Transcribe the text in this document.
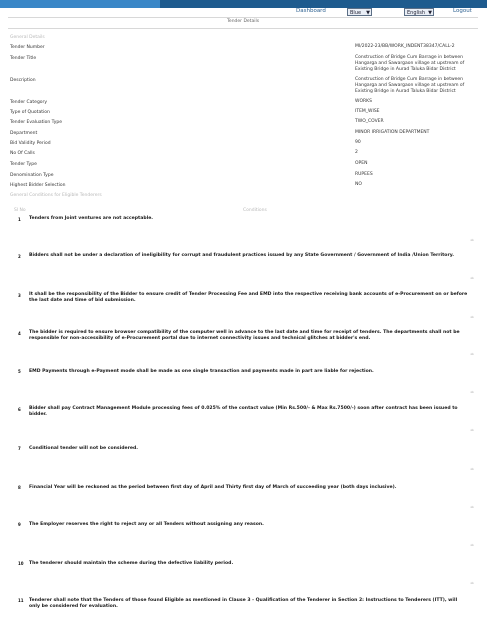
Dashboard	Blue ▼	English ▼	Logout
Tender Details
General Details
Tender Number	MI/2022-23/BB/WORK_INDENT38347/CALL-2
Tender Title	Construction of Bridge Cum Barrage in between Hangarga and Sawargaon village at upstream of Existing Bridge in Aurad Taluka Bidar District
Description	Construction of Bridge Cum Barrage in between Hangarga and Sawargaon village at upstream of Existing Bridge in Aurad Taluka Bidar District
Tender Category	WORKS
Type of Quotation	ITEM_WISE
Tender Evaluation Type	TWO_COVER
Department	MINOR IRRIGATION DEPARTMENT
Bid Validity Period	90
No Of Calls	2
Tender Type	OPEN
Denomination Type	RUPEES
Highest Bidder Selection	NO
General Conditions for Eligible Tenderers
Sl No	Conditions
1 Tenders from Joint ventures are not acceptable.
≐
2 Bidders shall not be under a declaration of ineligibility for corrupt and fraudulent practices issued by any State Government / Government of India /Union Territory.
≐
3 It shall be the responsibility of the Bidder to ensure credit of Tender Processing Fee and EMD into the respective receiving bank accounts of e-Procurement on or before the last date and time of bid submission.
≐
4 The bidder is required to ensure browser compatibility of the computer well in advance to the last date and time for receipt of tenders. The departments shall not be responsible for non-accessibility of e-Procurement portal due to internet connectivity issues and technical glitches at bidder's end.
≐
5 EMD Payments through e-Payment mode shall be made as one single transaction and payments made in part are liable for rejection.
≐
6 Bidder shall pay Contract Management Module processing fees of 0.025% of the contact value (Min Rs.500/- & Max Rs.7500/-) soon after contract has been issued to bidder.
≐
7 Conditional tender will not be considered.
≐
8 Financial Year will be reckoned as the period between first day of April and Thirty first day of March of succeeding year (both days inclusive).
≐
9 The Employer reserves the right to reject any or all Tenders without assigning any reason.
≐
10 The tenderer should maintain the scheme during the defective liability period.
≐
11 Tenderer shall note that the Tenders of those found Eligible as mentioned in Clause 3 - Qualification of the Tenderer in Section 2: Instructions to Tenderers (ITT), will only be considered for evaluation.
